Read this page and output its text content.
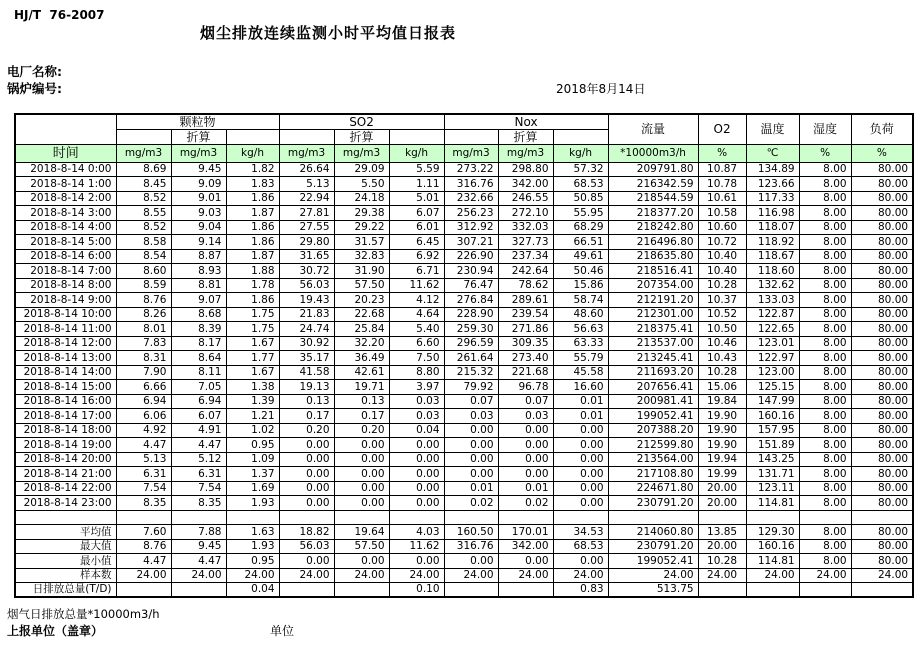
HJ/T  76-2007
烟尘排放连续监测小时平均值日报表
电厂名称:
锅炉编号:	2018年8月14日
	颗粒物			SO2			Nox			流量	O2	温度	湿度	负荷
		折算			折算			折算						
时间	mg/m3	mg/m3	kg/h	mg/m3	mg/m3	kg/h	mg/m3	mg/m3	kg/h	*10000m3/h	%	℃	%	%
2018-8-14 0:00	8.69	9.45	1.82	26.64	29.09	5.59	273.22	298.80	57.32	209791.80	10.87	134.89	8.00	80.00
2018-8-14 1:00	8.45	9.09	1.83	5.13	5.50	1.11	316.76	342.00	68.53	216342.59	10.78	123.66	8.00	80.00
2018-8-14 2:00	8.52	9.01	1.86	22.94	24.18	5.01	232.66	246.55	50.85	218544.59	10.61	117.33	8.00	80.00
2018-8-14 3:00	8.55	9.03	1.87	27.81	29.38	6.07	256.23	272.10	55.95	218377.20	10.58	116.98	8.00	80.00
2018-8-14 4:00	8.52	9.04	1.86	27.55	29.22	6.01	312.92	332.03	68.29	218242.80	10.60	118.07	8.00	80.00
2018-8-14 5:00	8.58	9.14	1.86	29.80	31.57	6.45	307.21	327.73	66.51	216496.80	10.72	118.92	8.00	80.00
2018-8-14 6:00	8.54	8.87	1.87	31.65	32.83	6.92	226.90	237.34	49.61	218635.80	10.40	118.67	8.00	80.00
2018-8-14 7:00	8.60	8.93	1.88	30.72	31.90	6.71	230.94	242.64	50.46	218516.41	10.40	118.60	8.00	80.00
2018-8-14 8:00	8.59	8.81	1.78	56.03	57.50	11.62	76.47	78.62	15.86	207354.00	10.28	132.62	8.00	80.00
2018-8-14 9:00	8.76	9.07	1.86	19.43	20.23	4.12	276.84	289.61	58.74	212191.20	10.37	133.03	8.00	80.00
2018-8-14 10:00	8.26	8.68	1.75	21.83	22.68	4.64	228.90	239.54	48.60	212301.00	10.52	122.87	8.00	80.00
2018-8-14 11:00	8.01	8.39	1.75	24.74	25.84	5.40	259.30	271.86	56.63	218375.41	10.50	122.65	8.00	80.00
2018-8-14 12:00	7.83	8.17	1.67	30.92	32.20	6.60	296.59	309.35	63.33	213537.00	10.46	123.01	8.00	80.00
2018-8-14 13:00	8.31	8.64	1.77	35.17	36.49	7.50	261.64	273.40	55.79	213245.41	10.43	122.97	8.00	80.00
2018-8-14 14:00	7.90	8.11	1.67	41.58	42.61	8.80	215.32	221.68	45.58	211693.20	10.28	123.00	8.00	80.00
2018-8-14 15:00	6.66	7.05	1.38	19.13	19.71	3.97	79.92	96.78	16.60	207656.41	15.06	125.15	8.00	80.00
2018-8-14 16:00	6.94	6.94	1.39	0.13	0.13	0.03	0.07	0.07	0.01	200981.41	19.84	147.99	8.00	80.00
2018-8-14 17:00	6.06	6.07	1.21	0.17	0.17	0.03	0.03	0.03	0.01	199052.41	19.90	160.16	8.00	80.00
2018-8-14 18:00	4.92	4.91	1.02	0.20	0.20	0.04	0.00	0.00	0.00	207388.20	19.90	157.95	8.00	80.00
2018-8-14 19:00	4.47	4.47	0.95	0.00	0.00	0.00	0.00	0.00	0.00	212599.80	19.90	151.89	8.00	80.00
2018-8-14 20:00	5.13	5.12	1.09	0.00	0.00	0.00	0.00	0.00	0.00	213564.00	19.94	143.25	8.00	80.00
2018-8-14 21:00	6.31	6.31	1.37	0.00	0.00	0.00	0.00	0.00	0.00	217108.80	19.99	131.71	8.00	80.00
2018-8-14 22:00	7.54	7.54	1.69	0.00	0.00	0.00	0.01	0.01	0.00	224671.80	20.00	123.11	8.00	80.00
2018-8-14 23:00	8.35	8.35	1.93	0.00	0.00	0.00	0.02	0.02	0.00	230791.20	20.00	114.81	8.00	80.00

平均值	7.60	7.88	1.63	18.82	19.64	4.03	160.50	170.01	34.53	214060.80	13.85	129.30	8.00	80.00
最大值	8.76	9.45	1.93	56.03	57.50	11.62	316.76	342.00	68.53	230791.20	20.00	160.16	8.00	80.00
最小值	4.47	4.47	0.95	0.00	0.00	0.00	0.00	0.00	0.00	199052.41	10.28	114.81	8.00	80.00
样本数	24.00	24.00	24.00	24.00	24.00	24.00	24.00	24.00	24.00	24.00	24.00	24.00	24.00	24.00
日排放总量(T/D)			0.04			0.10			0.83	513.75				
烟气日排放总量*10000m3/h
上报单位（盖章）	单位
